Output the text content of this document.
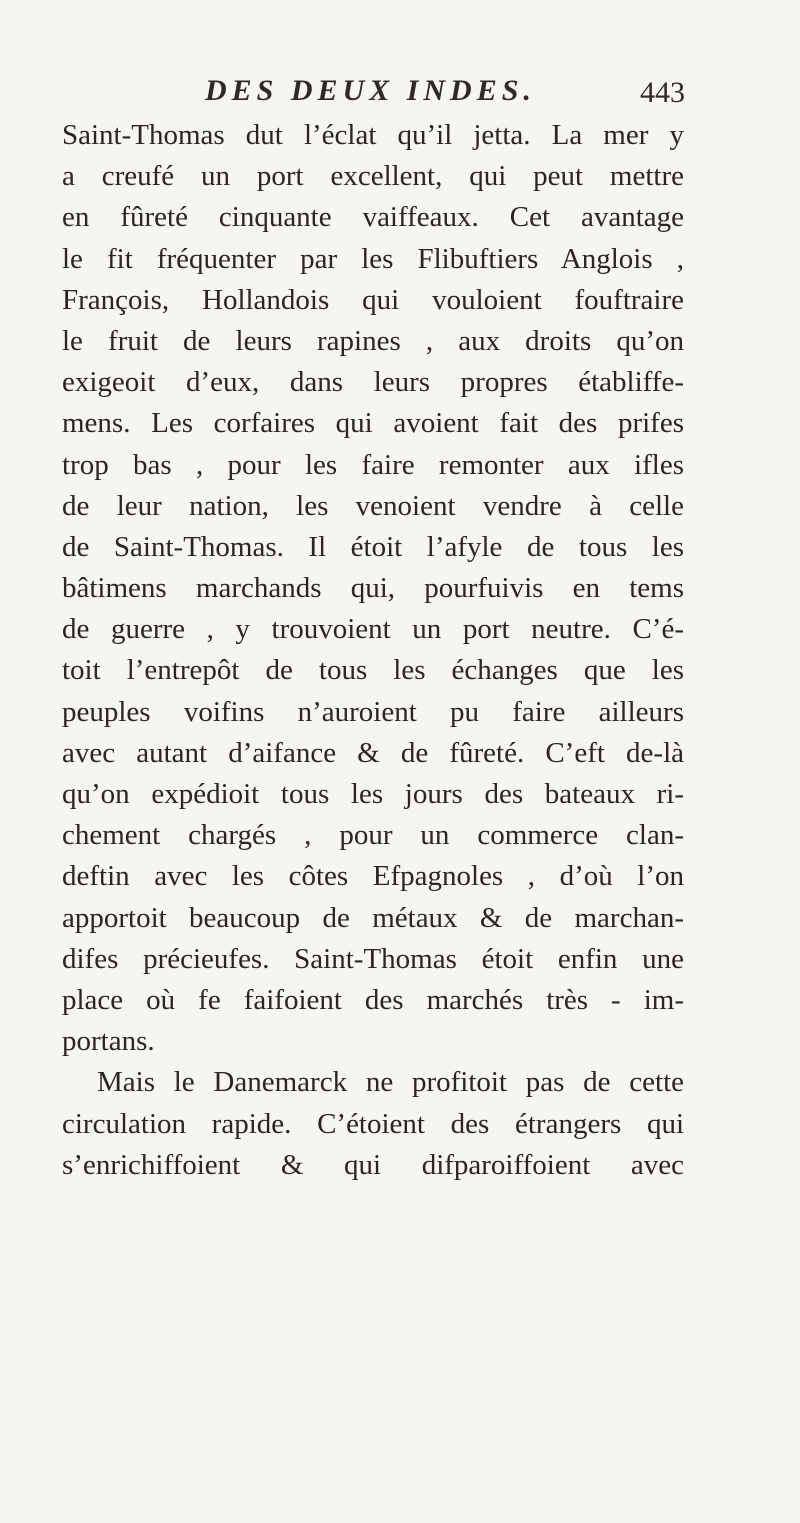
DES DEUX INDES.	443
Saint-Thomas dut l’éclat qu’il jetta. La mer y
a creufé un port excellent, qui peut mettre
en fûreté cinquante vaiffeaux. Cet avantage
le fit fréquenter par les Flibuftiers Anglois ,
François, Hollandois qui vouloient fouftraire
le fruit de leurs rapines , aux droits qu’on
exigeoit d’eux, dans leurs propres établiffe-
mens. Les corfaires qui avoient fait des prifes
trop bas , pour les faire remonter aux ifles
de leur nation, les venoient vendre à celle
de Saint-Thomas. Il étoit l’afyle de tous les
bâtimens marchands qui, pourfuivis en tems
de guerre , y trouvoient un port neutre. C’é-
toit l’entrepôt de tous les échanges que les
peuples voifins n’auroient pu faire ailleurs
avec autant d’aifance & de fûreté. C’eft de-là
qu’on expédioit tous les jours des bateaux ri-
chement chargés , pour un commerce clan-
deftin avec les côtes Efpagnoles , d’où l’on
apportoit beaucoup de métaux & de marchan-
difes précieufes. Saint-Thomas étoit enfin une
place où fe faifoient des marchés très - im-
portans.
Mais le Danemarck ne profitoit pas de cette
circulation rapide. C’étoient des étrangers qui
s’enrichiffoient & qui difparoiffoient avec
